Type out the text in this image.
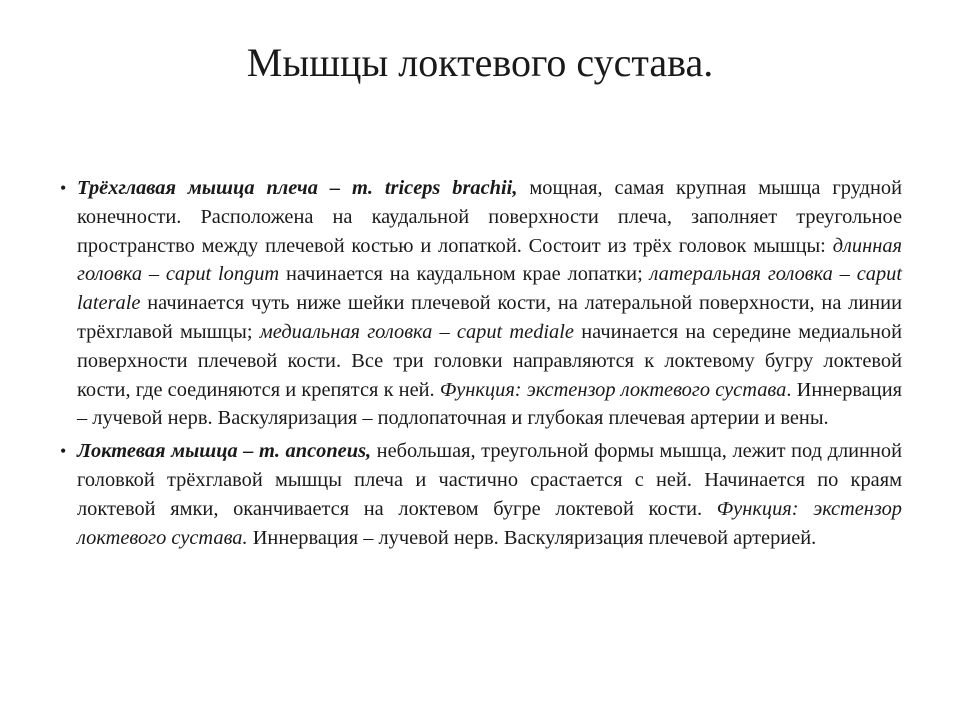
Мышцы локтевого сустава.

• Трёхглавая мышца плеча – m. triceps brachii, мощная, самая крупная мышца грудной конечности. Расположена на каудальной поверхности плеча, заполняет треугольное пространство между плечевой костью и лопаткой. Состоит из трёх головок мышцы: длинная головка – caput longum начинается на каудальном крае лопатки; латеральная головка – caput laterale начинается чуть ниже шейки плечевой кости, на латеральной поверхности, на линии трёхглавой мышцы; медиальная головка – caput mediale начинается на середине медиальной поверхности плечевой кости. Все три головки направляются к локтевому бугру локтевой кости, где соединяются и крепятся к ней. Функция: экстензор локтевого сустава. Иннервация – лучевой нерв. Васкуляризация – подлопаточная и глубокая плечевая артерии и вены.

• Локтевая мышца – m. anconeus, небольшая, треугольной формы мышца, лежит под длинной головкой трёхглавой мышцы плеча и частично срастается с ней. Начинается по краям локтевой ямки, оканчивается на локтевом бугре локтевой кости. Функция: экстензор локтевого сустава. Иннервация – лучевой нерв. Васкуляризация плечевой артерией.
